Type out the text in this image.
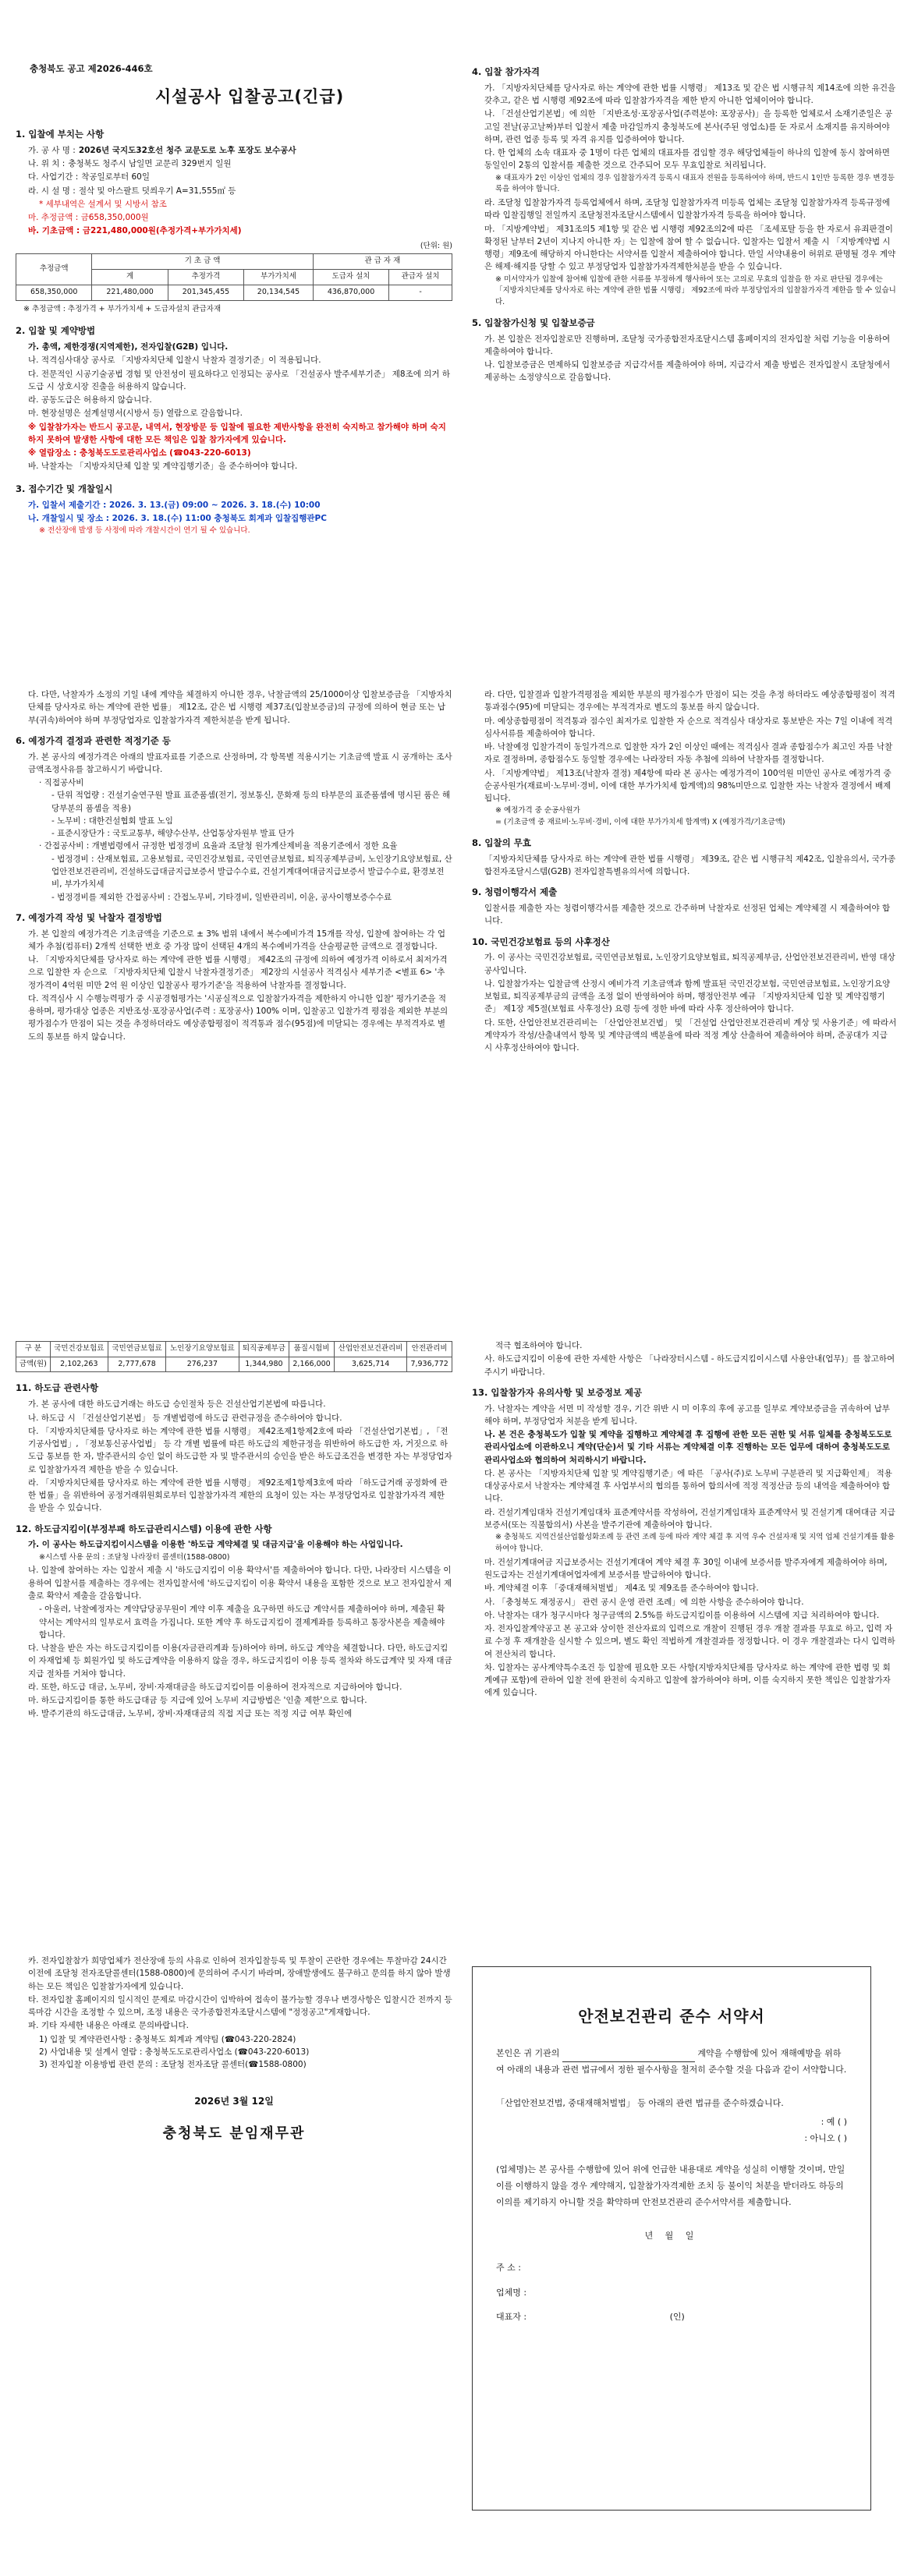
충청북도 공고 제2026-446호
시설공사 입찰공고(긴급)
1. 입찰에 부치는 사항
가. 공 사 명 : 2026년 국지도32호선 청주 교문도로 노후 포장도 보수공사
나. 위 치 : 충청북도 청주시 남일면 교문리 329번지 일원
다. 사업기간 : 착공일로부터 60일
라. 시 설 명 : 절삭 및 아스팔트 덧씌우기 A=31,555㎡ 등
* 세부내역은 설계서 및 시방서 참조
마. 추정금액 : 금658,350,000원
바. 기초금액 : 금221,480,000원(추정가격+부가가치세)
(단위: 원)
추정금액	기 초 금 액			관 급 자 재	
	계	추정가격	부가가치세	도급자 설치	관급자 설치
658,350,000	221,480,000	201,345,455	20,134,545	436,870,000	-
※ 추정금액 : 추정가격 + 부가가치세 + 도급자설치 관급자재
2. 입찰 및 계약방법
가. 총액, 제한경쟁(지역제한), 전자입찰(G2B) 입니다.
나. 적격심사대상 공사로 「지방자치단체 입찰시 낙찰자 결정기준」이 적용됩니다.
다. 전문적인 시공기술공법 경험 및 안전성이 필요하다고 인정되는 공사로 「건설공사 발주세부기준」 제8조에 의거 하도급 시 상호시장 진출을 허용하지 않습니다.
라. 공동도급은 허용하지 않습니다.
마. 현장설명은 설계설명서(시방서 등) 열람으로 갈음합니다.
※ 입찰참가자는 반드시 공고문, 내역서, 현장방문 등 입찰에 필요한 제반사항을 완전히 숙지하고 참가해야 하며 숙지하지 못하여 발생한 사항에 대한 모든 책임은 입찰 참가자에게 있습니다.
※ 열람장소 : 충청북도도로관리사업소 (☎043-220-6013)
바. 낙찰자는 「지방자치단체 입찰 및 계약집행기준」을 준수하여야 합니다.
3. 접수기간 및 개찰일시
가. 입찰서 제출기간 : 2026. 3. 13.(금) 09:00 ~ 2026. 3. 18.(수) 10:00
나. 개찰일시 및 장소 : 2026. 3. 18.(수) 11:00 충청북도 회계과 입찰집행관PC
※ 전산장애 발생 등 사정에 따라 개찰시간이 연기 될 수 있습니다.
4. 입찰 참가자격
가. 「지방자치단체를 당사자로 하는 계약에 관한 법률 시행령」 제13조 및 같은 법 시행규칙 제14조에 의한 유건을 갖추고, 같은 법 시행령 제92조에 따라 입찰참가자격을 제한 받지 아니한 업체이어야 합니다.
나. 「건설산업기본법」에 의한 「지반조성·포장공사업(주력분야: 포장공사)」을 등록한 업체로서 소재기준일은 공고일 전날(공고날짜)부터 입찰서 제출 마감일까지 충청북도에 본사(주된 영업소)를 둔 자로서 소재지를 유지하여야 하며, 관련 업종 등록 및 자격 유지를 입증하여야 합니다.
다. 한 업체의 소속 대표자 중 1명이 다른 업체의 대표자를 겸임할 경우 해당업체들이 하나의 입찰에 동시 참여하면 동일인이 2통의 입찰서를 제출한 것으로 간주되어 모두 무효입찰로 처리됩니다.
※ 대표자가 2인 이상인 업체의 경우 입찰참가자격 등록시 대표자 전원을 등록하여야 하며, 반드시 1인만 등록한 경우 변경등록을 하여야 합니다.
라. 조달청 입찰참가자격 등록업체에서 하며, 조달청 입찰참가자격 미등록 업체는 조달청 입찰참가자격 등록규정에 따라 입찰집행일 전일까지 조달청전자조달시스템에서 입찰참가자격 등록을 하여야 합니다.
마. 「지방계약법」 제31조의5 제1항 및 같은 법 시행령 제92조의2에 따른 「조세포탈 등을 한 자로서 유죄판결이 확정된 날부터 2년이 지나지 아니한 자」는 입찰에 참여 할 수 없습니다. 입찰자는 입찰서 제출 시 「지방계약법 시행령」제9조에 해당하지 아니한다는 서약서를 입찰서 제출하여야 합니다. 만일 서약내용이 허위로 판명될 경우 계약은 해제·해지를 당할 수 있고 부정당업자 입찰참가자격제한처분을 받을 수 있습니다.
※ 미서약자가 입찰에 참여해 입찰에 관한 서류를 부정하게 행사하여 또는 고의로 무효의 입찰을 한 자로 판단될 경우에는 「지방자치단체를 당사자로 하는 계약에 관한 법률 시행령」 제92조에 따라 부정당업자의 입찰참가자격 제한을 할 수 있습니다.
5. 입찰참가신청 및 입찰보증금
가. 본 입찰은 전자입찰로만 진행하며, 조달청 국가종합전자조달시스템 홈페이지의 전자입찰 처럼 기능을 이용하여 제출하여야 합니다.
나. 입찰보증금은 면제하되 입찰보증금 지급각서를 제출하여야 하며, 지급각서 제출 방법은 전자입찰시 조달청에서 제공하는 소정양식으로 갈음합니다.
다. 다만, 낙찰자가 소정의 기일 내에 계약을 체결하지 아니한 경우, 낙찰금액의 25/1000이상 입찰보증금을 「지방자치단체를 당사자로 하는 계약에 관한 법률」 제12조, 같은 법 시행령 제37조(입찰보증금)의 규정에 의하여 현금 또는 납부(귀속)하여야 하며 부정당업자로 입찰참가자격 제한처분을 받게 됩니다.
6. 예정가격 결정과 관련한 적정기준 등
가. 본 공사의 예정가격은 아래의 발표자료를 기준으로 산정하며, 각 항목별 적용시기는 기초금액 발표 시 공개하는 조사금액조정사유를 참고하시기 바랍니다.
· 직접공사비
- 단위 적업량 : 건설기술연구원 발표 표준품셈(전기, 정보통신, 문화재 등의 타부문의 표준품셈에 명시된 품은 해당부분의 품셈을 적용)
- 노무비 : 대한건설협회 발표 노임
- 표준시장단가 : 국토교통부, 해양수산부, 산업통상자원부 발표 단가
· 간접공사비 : 개별법령에서 규정한 법정경비 요율과 조달청 원가계산제비율 적용기준에서 정한 요율
- 법정경비 : 산재보험료, 고용보험료, 국민건강보험료, 국민연금보험료, 퇴직공제부금비, 노인장기요양보험료, 산업안전보건관리비, 건설하도급대금지급보증서 발급수수료, 건설기계대여대금지급보증서 발급수수료, 환경보전비, 부가가치세
- 법정경비를 제외한 간접공사비 : 간접노무비, 기타경비, 일반관리비, 이윤, 공사이행보증수수료
7. 예정가격 작성 및 낙찰자 결정방법
가. 본 입찰의 예정가격은 기초금액을 기준으로 ± 3% 범위 내에서 복수예비가격 15개를 작성, 입찰에 참여하는 각 업체가 추첨(컴퓨터) 2개씩 선택한 번호 중 가장 많이 선택된 4개의 복수예비가격을 산술평균한 금액으로 결정합니다.
나. 「지방자치단체를 당사자로 하는 계약에 관한 법률 시행령」 제42조의 규정에 의하여 예정가격 이하로서 최저가격으로 입찰한 자 순으로 「지방자치단체 입찰시 낙찰자결정기준」 제2장의 시설공사 적격심사 세부기준 <별표 6> '추정가격이 4억원 미만 2억 원 이상인 입찰공사 평가기준'을 적용하여 낙찰자를 결정합니다.
다. 적격심사 시 수행능력평가 중 시공경험평가는 '시공실적으로 입찰참가자격을 제한하지 아니한 입찰' 평가기준을 적용하며, 평가대상 업종은 지반조성·포장공사업(주력 : 포장공사) 100% 이며, 입찰공고 입찰가격 평점을 제외한 부분의 평가점수가 만점이 되는 것을 추정하더라도 예상종합평점이 적격통과 점수(95점)에 미달되는 경우에는 부적격자로 별도의 통보를 하지 않습니다.
라. 다만, 입찰결과 입찰가격평점을 제외한 부분의 평가점수가 만점이 되는 것을 추정 하더라도 예상종합평점이 적격통과점수(95)에 미달되는 경우에는 부적격자로 별도의 통보를 하지 않습니다.
마. 예상종합평점이 적격통과 점수인 최저가로 입찰한 자 순으로 적격심사 대상자로 통보받은 자는 7일 이내에 적격심사서류를 제출하여야 합니다.
바. 낙찰예정 입찰가격이 동일가격으로 입찰한 자가 2인 이상인 때에는 적격심사 결과 종합점수가 최고인 자를 낙찰자로 결정하며, 종합점수도 동일할 경우에는 나라장터 자동 추첨에 의하여 낙찰자를 결정합니다.
사. 「지방계약법」 제13조(낙찰자 결정) 제4항에 따라 본 공사는 예정가격이 100억원 미만인 공사로 예정가격 중 순공사원가(재료비·노무비·경비, 이에 대한 부가가치세 합계액)의 98%미만으로 입찰한 자는 낙찰자 결정에서 배제됩니다.
※ 예정가격 중 순공사원가
= (기초금액 중 재료비·노무비·경비, 이에 대한 부가가치세 합계액) X (예정가격/기초금액)
8. 입찰의 무효
「지방자치단체를 당사자로 하는 계약에 관한 법률 시행령」 제39조, 같은 법 시행규칙 제42조, 입찰유의서, 국가종합전자조달시스템(G2B) 전자입찰특별유의서에 의합니다.
9. 청렴이행각서 제출
입찰서를 제출한 자는 청렴이행각서를 제출한 것으로 간주하며 낙찰자로 선정된 업체는 계약체결 시 제출하여야 합니다.
10. 국민건강보험료 등의 사후정산
가. 이 공사는 국민건강보험료, 국민연금보험료, 노인장기요양보험료, 퇴직공제부금, 산업안전보건관리비, 반영 대상 공사입니다.
나. 입찰참가자는 입찰금액 산정시 예비가격 기초금액과 함께 발표된 국민건강보험, 국민연금보험료, 노인장기요양보험료, 퇴직공제부금의 금액을 조정 없이 반영하여야 하며, 행정안전부 예규 「지방자치단체 입찰 및 계약집행기준」 제1장 제5절(보험료 사후정산) 요령 등에 정한 바에 따라 사후 정산하여야 합니다.
다. 또한, 산업안전보건관리비는 「산업안전보건법」 및 「건설업 산업안전보건관리비 계상 및 사용기준」에 따라서 계약자가 작성/산출내역서 항목 및 계약금액의 백분율에 따라 적정 계상 산출하여 제출하여야 하며, 준공대가 지급 시 사후정산하여야 합니다.
구 분	국민건강보험료	국민연금보험료	노인장기요양보험료	퇴직공제부금	품질시험비	산업안전보건관리비	안전관리비
금액(원)	2,102,263	2,777,678	276,237	1,344,980	2,166,000	3,625,714	7,936,772
11. 하도급 관련사항
가. 본 공사에 대한 하도급거래는 하도급 승인절차 등은 건설산업기본법에 따릅니다.
나. 하도급 시 「건설산업기본법」 등 개별법령에 하도급 관련규정을 준수하여야 합니다.
다. 「지방자치단체를 당사자로 하는 계약에 관한 법률 시행령」 제42조제1항제2호에 따라 「건설산업기본법」, 「전기공사업법」, 「정보통신공사업법」 등 각 개별 법률에 따른 하도급의 제한규정을 위반하여 하도급한 자, 거짓으로 하도급 통보를 한 자, 발주관서의 승인 없이 하도급한 자 및 발주관서의 승인을 받은 하도급조건을 변경한 자는 부정당업자로 입찰참가자격 제한을 받을 수 있습니다.
라. 「지방자치단체를 당사자로 하는 계약에 관한 법률 시행령」 제92조제1항제3호에 따라 「하도급거래 공정화에 관한 법률」을 위반하여 공정거래위원회로부터 입찰참가자격 제한의 요청이 있는 자는 부정당업자로 입찰참가자격 제한을 받을 수 있습니다.
12. 하도급지킴이(부정부패 하도급관리시스템) 이용에 관한 사항
가. 이 공사는 하도급지킴이시스템을 이용한 '하도급 계약체결 및 대금지급'을 이용해야 하는 사업입니다.
※시스템 사용 문의 : 조달청 나라장터 콜센터(1588-0800)
나. 입찰에 참여하는 자는 입찰서 제출 시 '하도급지킴이 이용 확약서'를 제출하여야 합니다. 다만, 나라장터 시스템을 이용하여 입찰서를 제출하는 경우에는 전자입찰서에 '하도급지킴이 이용 확약서 내용을 포함한 것으로 보고 전자입찰서 제출로 확약서 제출을 갈음합니다.
- 아울러, 낙찰예정자는 계약담당공무원이 계약 이후 제출을 요구하면 하도급 계약서를 제출하여야 하며, 제출된 확약서는 계약서의 일부로서 효력을 가집니다. 또한 계약 후 하도급지킴이 결제계좌를 등록하고 통장사본을 제출해야 합니다.
다. 낙찰을 받은 자는 하도급지킴이를 이용(자금관리계좌 등)하여야 하며, 하도급 계약을 체결합니다. 다만, 하도급지킴이 자재업체 등 회원가입 및 하도급계약을 이용하지 않을 경우, 하도급지킴이 이용 등록 절차와 하도급계약 및 자재 대금 지급 절차를 거쳐야 합니다.
라. 또한, 하도급 대금, 노무비, 장비·자재대금을 하도급지킴이를 이용하여 전자적으로 지급하여야 합니다.
마. 하도급지킴이를 통한 하도급대금 등 지급에 있어 노무비 지급방법은 '인출 제한'으로 합니다.
바. 발주기관의 하도급대금, 노무비, 장비·자재대금의 직접 지급 또는 적정 지급 여부 확인에
적극 협조하여야 합니다.
사. 하도급지킴이 이용에 관한 자세한 사항은 「나라장터시스템 - 하도급지킴이시스템 사용안내(업무)」를 참고하여 주시기 바랍니다.
13. 입찰참가자 유의사항 및 보증정보 제공
가. 낙찰자는 계약을 서면 미 작성할 경우, 기간 위반 시 미 이후의 후에 공고를 일부로 계약보증금을 귀속하여 납부해야 하며, 부정당업자 처분을 받게 됩니다.
나. 본 건은 충청북도가 입찰 및 계약을 집행하고 계약체결 후 집행에 관한 모든 권한 및 서류 일체를 충청북도도로관리사업소에 이관하오니 계약(단순)서 및 기타 서류는 계약체결 이후 진행하는 모든 업무에 대하여 충청북도도로관리사업소와 협의하여 처리하시기 바랍니다.
다. 본 공사는 「지방자치단체 입찰 및 계약집행기준」에 따른 「공사(주)로 노무비 구분관리 및 지급확인제」 적용 대상공사로서 낙찰자는 계약체결 후 사업부서의 협의를 통하여 합의서에 적정 적정산금 등의 내역을 제출하여야 합니다.
라. 건설기계임대차 건설기계임대차 표준계약서를 작성하여, 건설기계임대차 표준계약서 및 건설기계 대여대금 지급 보증서(또는 직불합의서) 사본을 발주기관에 제출하여야 합니다.
※ 충청북도 지역건설산업활성화조례 등 관련 조례 등에 따라 계약 체결 후 지역 우수 건설자재 및 지역 업체 건설기계를 활용하여야 합니다.
마. 건설기계대여금 지급보증서는 건설기계대여 계약 체결 후 30일 이내에 보증서를 발주자에게 제출하여야 하며, 원도급자는 건설기계대여업자에게 보증서를 발급하여야 합니다.
바. 계약체결 이후 「중대재해처벌법」 제4조 및 제9조를 준수하여야 합니다.
사. 「충청북도 재정공시」 관련 공시 운영 관련 조례」에 의한 사항을 준수하여야 합니다.
아. 낙찰자는 대가 청구시마다 청구금액의 2.5%를 하도급지킴이를 이용하여 시스템에 지급 처리하여야 합니다.
자. 전자입찰계약공고 본 공고와 상이한 전산자료의 입력으로 개찰이 진행된 경우 개찰 결과를 무효로 하고, 입력 자료 수정 후 재개찰을 실시할 수 있으며, 별도 확인 적법하게 개찰결과를 정정합니다. 이 경우 개찰결과는 다시 입력하여 전산처리 합니다.
차. 입찰자는 공사계약특수조건 등 입찰에 필요한 모든 사항(지방자치단체를 당사자로 하는 계약에 관한 법령 및 회계예규 포함)에 관하여 입찰 전에 완전히 숙지하고 입찰에 참가하여야 하며, 이를 숙지하지 못한 책임은 입찰참가자에게 있습니다.
카. 전자입찰참가 희망업체가 전산장애 등의 사유로 인하여 전자입찰등록 및 투찰이 곤란한 경우에는 투찰마감 24시간 이전에 조달청 전자조달콜센터(1588-0800)에 문의하여 주시기 바라며, 장애발생에도 불구하고 문의를 하지 않아 발생하는 모든 책임은 입찰참가자에게 있습니다.
타. 전자입찰 홈페이지의 일시적인 문제로 마감시간이 임박하여 접속이 불가능할 경우나 변경사항은 입찰시간 전까지 등록마감 시간을 조정할 수 있으며, 조정 내용은 국가종합전자조달시스템에 "정정공고"게재합니다.
파. 기타 자세한 내용은 아래로 문의바랍니다.
1) 입찰 및 계약관련사항 : 충청북도 회계과 계약팀 (☎043-220-2824)
2) 사업내용 및 설계서 열람 : 충청북도도로관리사업소 (☎043-220-6013)
3) 전자입찰 이용방법 관련 문의 : 조달청 전자조달 콜센터(☎1588-0800)
2026년 3월 12일
충청북도 분임재무관
안전보건관리 준수 서약서

본인은 귀 기관의	계약을 수행함에 있어 재해예방을 위하여 아래의 내용과 관련 법규에서 정한 필수사항을 철저히 준수할 것을 다음과 같이 서약합니다.

「산업안전보건법, 중대재해처벌법」 등 아래의 관련 법규를 준수하겠습니다.

: 예 ( )
: 아니오 ( )

(업체명)는 본 공사를 수행함에 있어 위에 언급한 내용대로 계약을 성실히 이행할 것이며, 만일 이를 이행하지 않을 경우 계약해지, 입찰참가자격제한 조치 등 불이익 처분을 받더라도 하등의 이의를 제기하지 아니할 것을 확약하며 안전보건관리 준수서약서를 제출합니다.

년 월 일
주 소 :
업체명 :
대표자 :	(인)
